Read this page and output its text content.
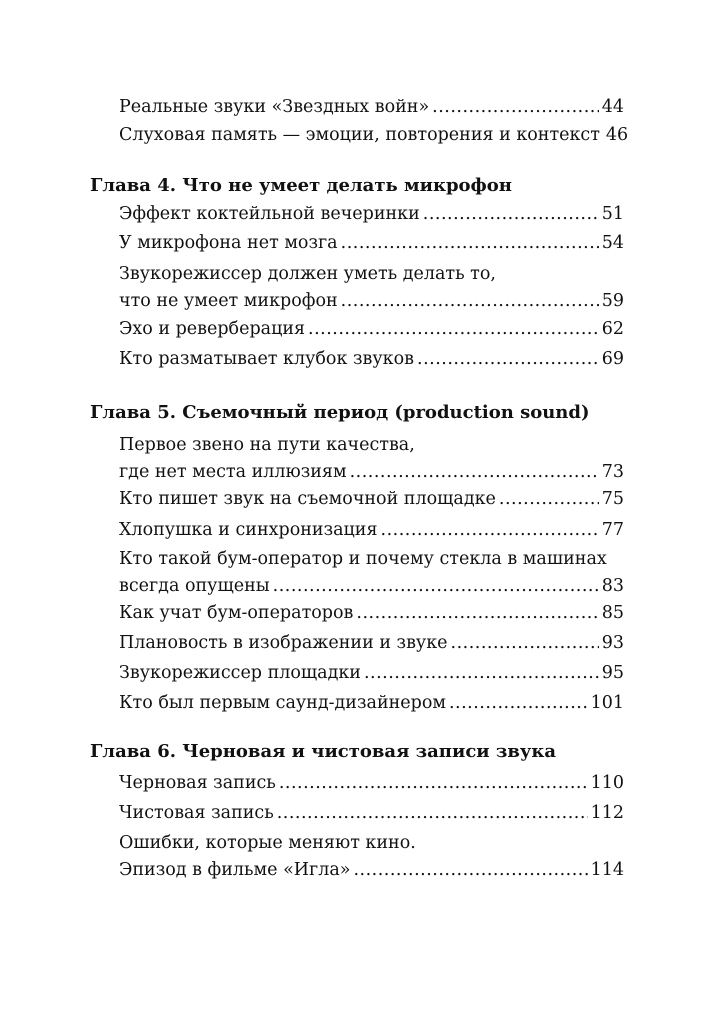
Реальные звуки «Звездных войн» .....	44
Слуховая память — эмоции, повторения и контекст 46
Глава 4. Что не умеет делать микрофон
Эффект коктейльной вечеринки .....	51
У микрофона нет мозга .....	54
Звукорежиссер должен уметь делать то,
что не умеет микрофон .....	59
Эхо и реверберация .....	62
Кто разматывает клубок звуков .....	69
Глава 5. Съемочный период (production sound)
Первое звено на пути качества,
где нет места иллюзиям .....	73
Кто пишет звук на съемочной площадке .....	75
Хлопушка и синхронизация .....	77
Кто такой бум-оператор и почему стекла в машинах
всегда опущены .....	83
Как учат бум-операторов .....	85
Плановость в изображении и звуке .....	93
Звукорежиссер площадки .....	95
Кто был первым саунд-дизайнером .....	101
Глава 6. Черновая и чистовая записи звука
Черновая запись .....	110
Чистовая запись .....	112
Ошибки, которые меняют кино.
Эпизод в фильме «Игла» .....	114
